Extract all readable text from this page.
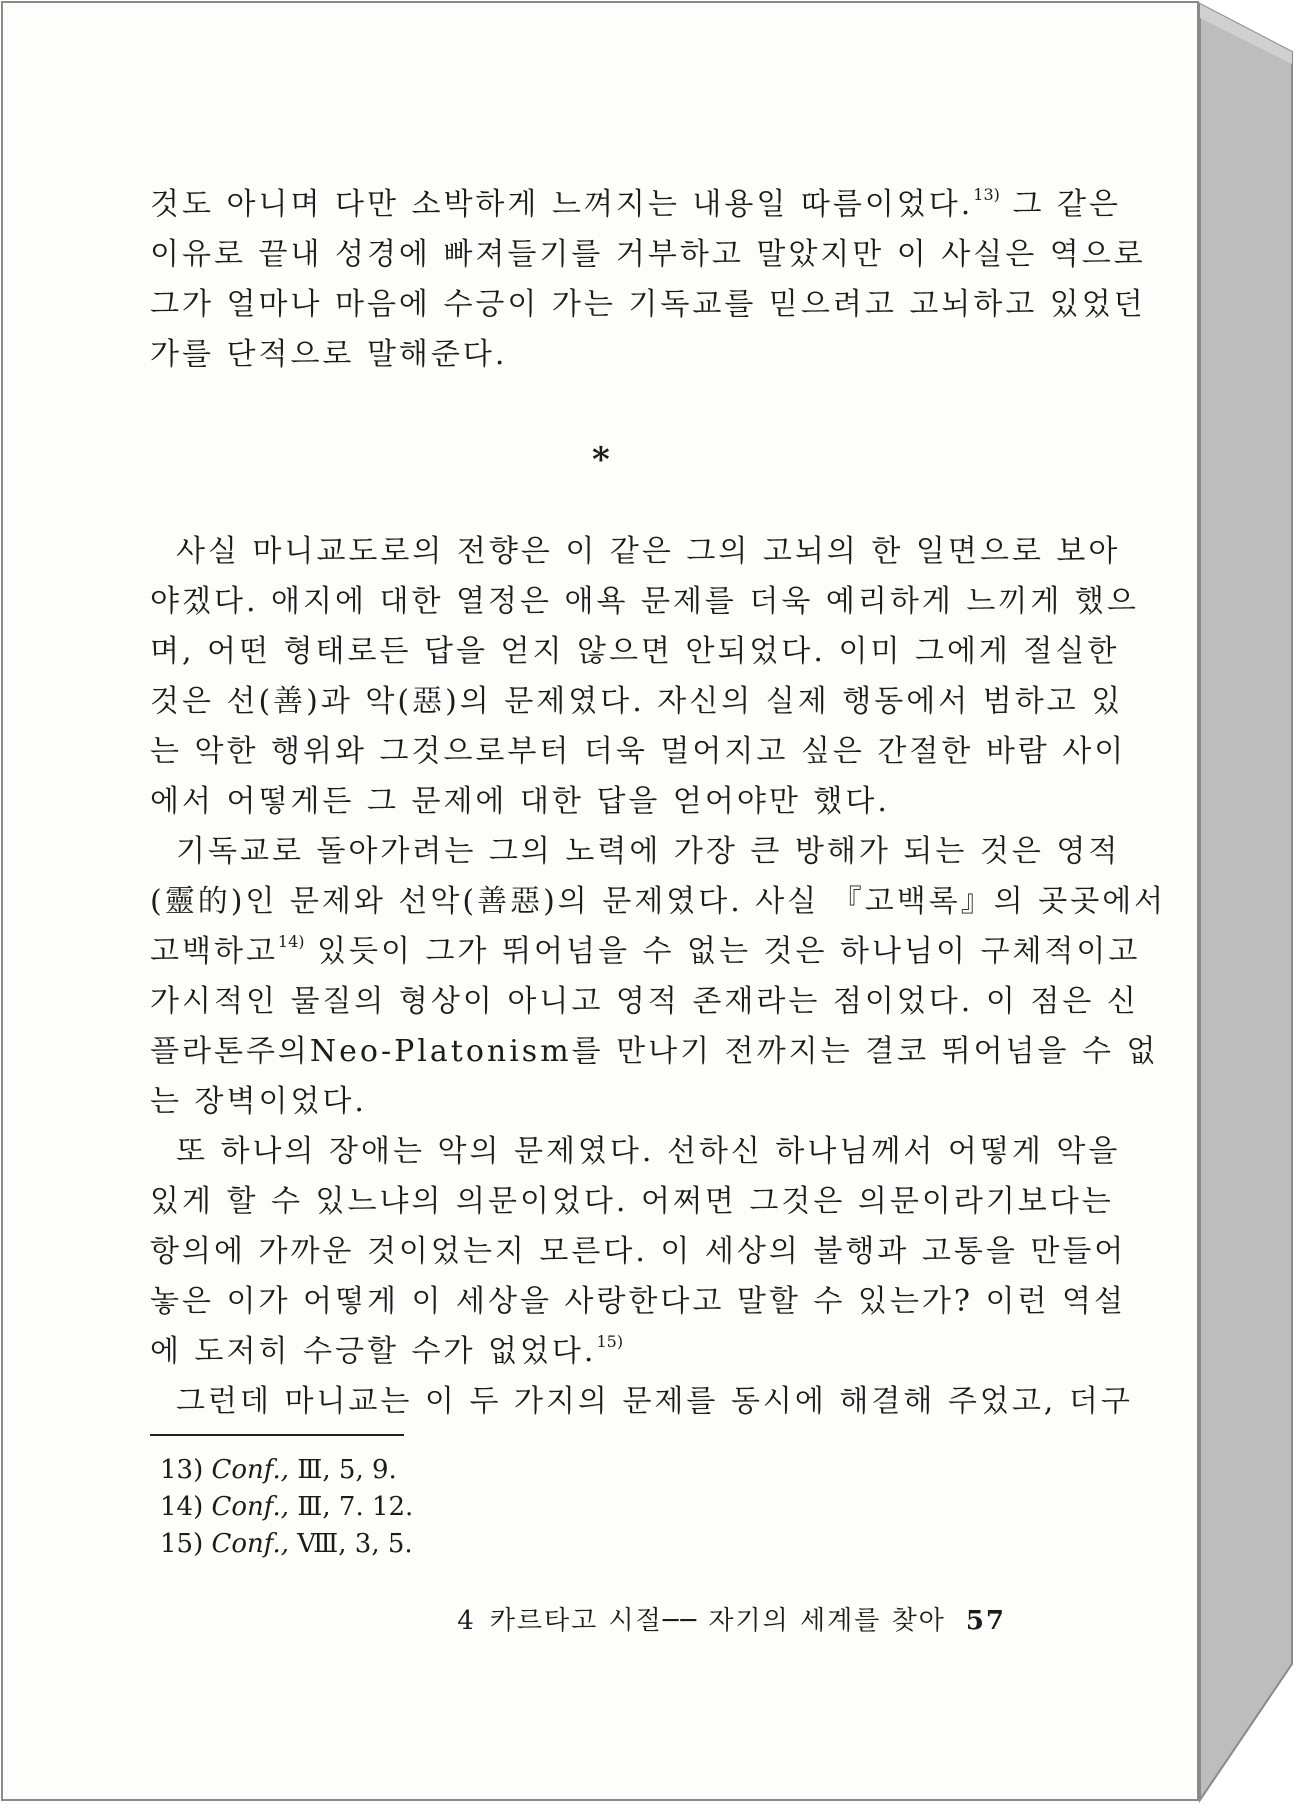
것도 아니며 다만 소박하게 느껴지는 내용일 따름이었다.$^{13)}$ 그 같은
이유로 끝내 성경에 빠져들기를 거부하고 말았지만 이 사실은 역으로
그가 얼마나 마음에 수긍이 가는 기독교를 믿으려고 고뇌하고 있었던
가를 단적으로 말해준다.
*
사실 마니교도로의 전향은 이 같은 그의 고뇌의 한 일면으로 보아
야겠다. 애지에 대한 열정은 애욕 문제를 더욱 예리하게 느끼게 했으
며, 어떤 형태로든 답을 얻지 않으면 안되었다. 이미 그에게 절실한
것은 선(善)과 악(惡)의 문제였다. 자신의 실제 행동에서 범하고 있
는 악한 행위와 그것으로부터 더욱 멀어지고 싶은 간절한 바람 사이
에서 어떻게든 그 문제에 대한 답을 얻어야만 했다.
기독교로 돌아가려는 그의 노력에 가장 큰 방해가 되는 것은 영적
(靈的)인 문제와 선악(善惡)의 문제였다. 사실 『고백록』의 곳곳에서
고백하고$^{14)}$ 있듯이 그가 뛰어넘을 수 없는 것은 하나님이 구체적이고
가시적인 물질의 형상이 아니고 영적 존재라는 점이었다. 이 점은 신
플라톤주의Neo-Platonism를 만나기 전까지는 결코 뛰어넘을 수 없
는 장벽이었다.
또 하나의 장애는 악의 문제였다. 선하신 하나님께서 어떻게 악을
있게 할 수 있느냐의 의문이었다. 어쩌면 그것은 의문이라기보다는
항의에 가까운 것이었는지 모른다. 이 세상의 불행과 고통을 만들어
놓은 이가 어떻게 이 세상을 사랑한다고 말할 수 있는가? 이런 역설
에 도저히 수긍할 수가 없었다.$^{15)}$
그런데 마니교는 이 두 가지의 문제를 동시에 해결해 주었고, 더구
13) Conf., Ⅲ, 5, 9.
14) Conf., Ⅲ, 7. 12.
15) Conf., Ⅷ, 3, 5.
4 카르타고 시절── 자기의 세계를 찾아 57
